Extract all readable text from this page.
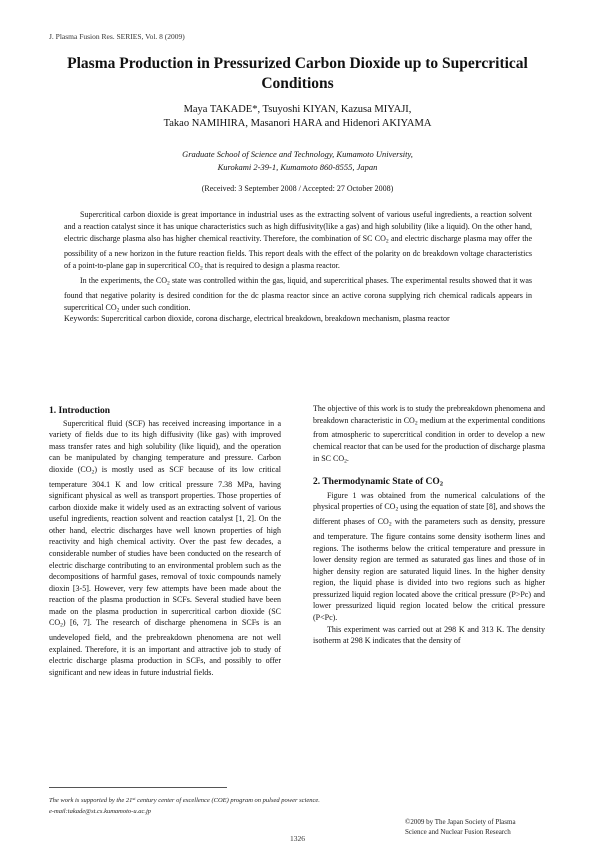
J. Plasma Fusion Res. SERIES, Vol. 8 (2009)
Plasma Production in Pressurized Carbon Dioxide up to Supercritical
Conditions
Maya TAKADE*, Tsuyoshi KIYAN, Kazusa MIYAJI,
Takao NAMIHIRA, Masanori HARA and Hidenori AKIYAMA
Graduate School of Science and Technology, Kumamoto University,
Kurokami 2-39-1, Kumamoto 860-8555, Japan
(Received: 3 September 2008 / Accepted: 27 October 2008)

Supercritical carbon dioxide is great importance in industrial uses as the extracting solvent of various useful ingredients, a reaction solvent and a reaction catalyst since it has unique characteristics such as high diffusivity(like a gas) and high solubility (like a liquid). On the other hand, electric discharge plasma also has higher chemical reactivity. Therefore, the combination of SC $CO_2$ and electric discharge plasma may offer the possibility of a new horizon in the future reaction fields. This report deals with the effect of the polarity on dc breakdown voltage characteristics of a point-to-plane gap in supercritical $CO_2$ that is required to design a plasma reactor.

In the experiments, the $CO_2$ state was controlled within the gas, liquid, and supercritical phases. The experimental results showed that it was found that negative polarity is desired condition for the dc plasma reactor since an active corona supplying rich chemical radicals appears in supercritical $CO_2$ under such condition.

Keywords: Supercritical carbon dioxide, corona discharge, electrical breakdown, breakdown mechanism, plasma reactor

1. Introduction

Supercritical fluid (SCF) has received increasing importance in a variety of fields due to its high diffusivity (like gas) with improved mass transfer rates and high solubility (like liquid), and the operation can be manipulated by changing temperature and pressure. Carbon dioxide $(CO_2)$ is mostly used as SCF because of its low critical temperature 304.1 K and low critical pressure 7.38 MPa, having significant physical as well as transport properties. Those properties of carbon dioxide make it widely used as an extracting solvent of various useful ingredients, reaction solvent and reaction catalyst [1, 2]. On the other hand, electric discharges have well known properties of high reactivity and high chemical activity. Over the past few decades, a considerable number of studies have been conducted on the research of electric discharge contributing to an environmental problem such as the decompositions of harmful gases, removal of toxic compounds namely dioxin [3-5]. However, very few attempts have been made about the reaction of the plasma production in SCFs. Several studied have been made on the plasma production in supercritical carbon dioxide (SC $CO_2$) [6, 7]. The research of discharge phenomena in SCFs is an undeveloped field, and the prebreakdown phenomena are not well explained. Therefore, it is an important and attractive job to study of electric discharge plasma production in SCFs, and possibly to offer significant and new ideas in future industrial fields.

The objective of this work is to study the prebreakdown phenomena and breakdown characteristic in $CO_2$ medium at the experimental conditions from atmospheric to supercritical condition in order to develop a new chemical reactor that can be used for the production of discharge plasma in SC $CO_2$.

2. Thermodynamic State of $CO_2$

Figure 1 was obtained from the numerical calculations of the physical properties of $CO_2$ using the equation of state [8], and shows the different phases of $CO_2$ with the parameters such as density, pressure and temperature. The figure contains some density isotherm lines and regions. The isotherms below the critical temperature and pressure in lower density region are termed as saturated gas lines and those of in higher density region are saturated liquid lines. In the higher density region, the liquid phase is divided into two regions such as higher pressurized liquid region located above the critical pressure (P>Pc) and lower pressurized liquid region located below the critical pressure (P<Pc).

This experiment was carried out at 298 K and 313 K. The density isotherm at 298 K indicates that the density of

The work is supported by the 21st century center of excellence (COE) program on pulsed power science.
e-mail:takade@st.cs.kumamoto-u.ac.jp
©2009 by The Japan Society of Plasma
Science and Nuclear Fusion Research
1326
